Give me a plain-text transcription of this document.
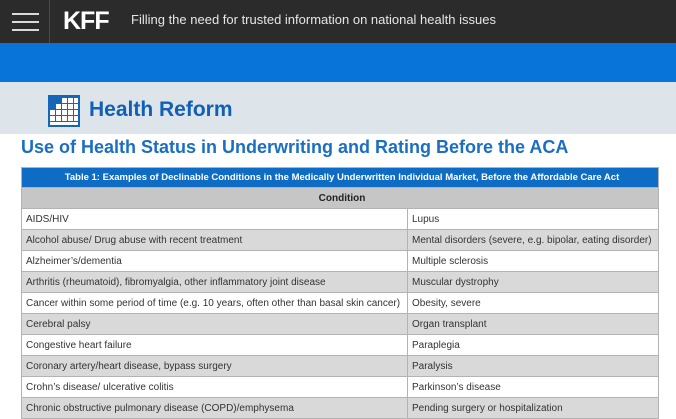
KFF Filling the need for trusted information on national health issues
Health Reform
Use of Health Status in Underwriting and Rating Before the ACA
Table 1: Examples of Declinable Conditions in the Medically Underwritten Individual Market, Before the Affordable Care Act	
Condition	
AIDS/HIV	Lupus
Alcohol abuse/ Drug abuse with recent treatment	Mental disorders (severe, e.g. bipolar, eating disorder)
Alzheimer’s/dementia	Multiple sclerosis
Arthritis (rheumatoid), fibromyalgia, other inflammatory joint disease	Muscular dystrophy
Cancer within some period of time (e.g. 10 years, often other than basal skin cancer)	Obesity, severe
Cerebral palsy	Organ transplant
Congestive heart failure	Paraplegia
Coronary artery/heart disease, bypass surgery	Paralysis
Crohn’s disease/ ulcerative colitis	Parkinson’s disease
Chronic obstructive pulmonary disease (COPD)/emphysema	Pending surgery or hospitalization
